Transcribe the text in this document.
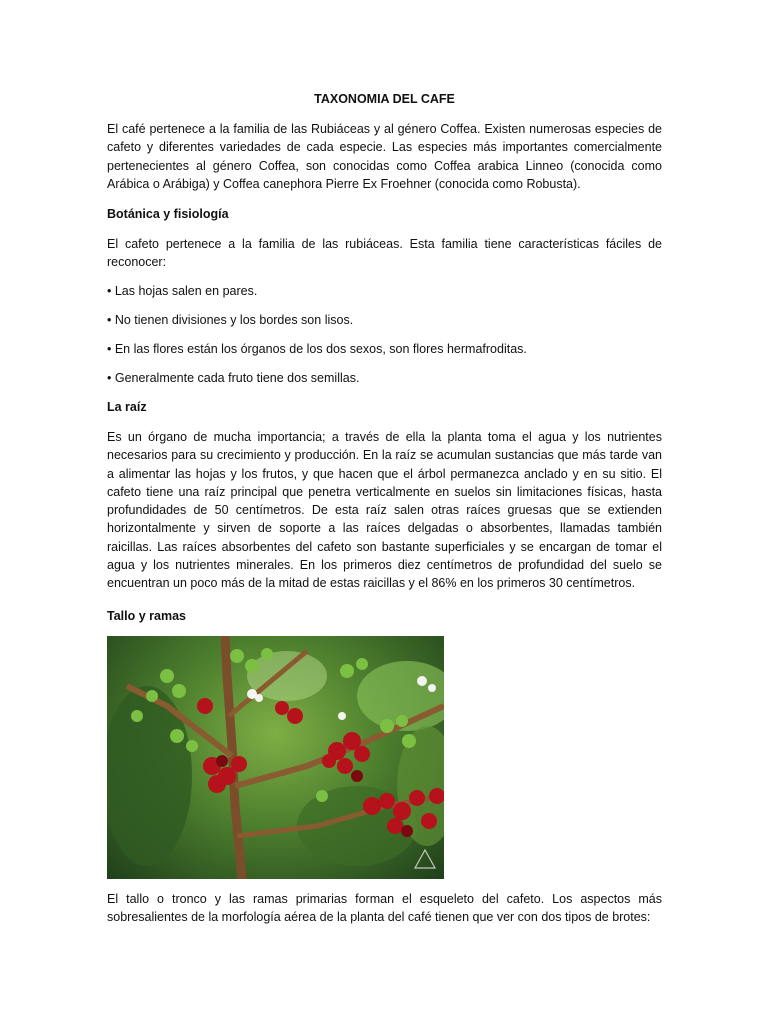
TAXONOMIA DEL CAFE
El café pertenece a la familia de las Rubiáceas y al género Coffea. Existen numerosas especies de cafeto y diferentes variedades de cada especie. Las especies más importantes comercialmente pertenecientes al género Coffea, son conocidas como Coffea arabica Linneo (conocida como Arábica o Arábiga) y Coffea canephora Pierre Ex Froehner (conocida como Robusta).
Botánica y fisiología
El cafeto pertenece a la familia de las rubiáceas. Esta familia tiene características fáciles de reconocer:
• Las hojas salen en pares.
• No tienen divisiones y los bordes son lisos.
• En las flores están los órganos de los dos sexos, son flores hermafroditas.
• Generalmente cada fruto tiene dos semillas.
La raíz
Es un órgano de mucha importancia; a través de ella la planta toma el agua y los nutrientes necesarios para su crecimiento y producción. En la raíz se acumulan sustancias que más tarde van a alimentar las hojas y los frutos, y que hacen que el árbol permanezca anclado y en su sitio. El cafeto tiene una raíz principal que penetra verticalmente en suelos sin limitaciones físicas, hasta profundidades de 50 centímetros. De esta raíz salen otras raíces gruesas que se extienden horizontalmente y sirven de soporte a las raíces delgadas o absorbentes, llamadas también raicillas. Las raíces absorbentes del cafeto son bastante superficiales y se encargan de tomar el agua y los nutrientes minerales. En los primeros diez centímetros de profundidad del suelo se encuentran un poco más de la mitad de estas raicillas y el 86% en los primeros 30 centímetros.
Tallo y ramas
El tallo o tronco y las ramas primarias forman el esqueleto del cafeto. Los aspectos más sobresalientes de la morfología aérea de la planta del café tienen que ver con dos tipos de brotes:
